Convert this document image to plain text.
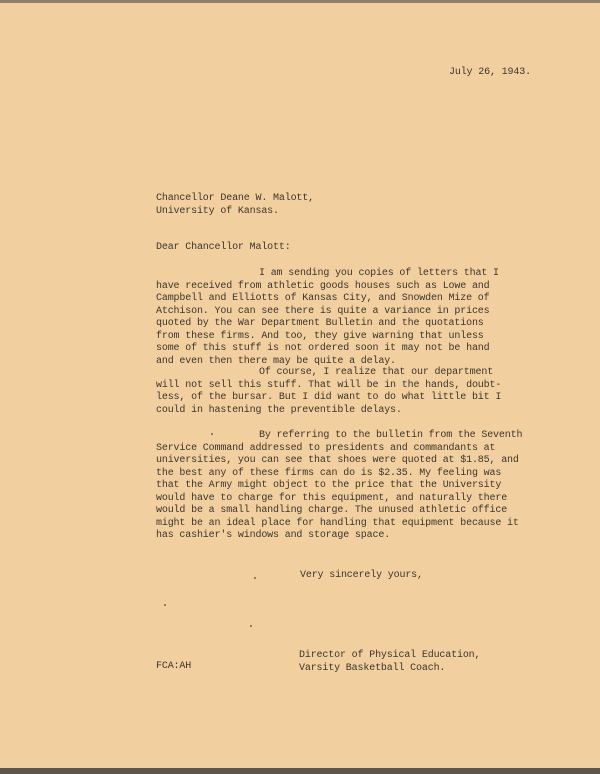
July 26, 1943.
Chancellor Deane W. Malott,
University of Kansas.
Dear Chancellor Malott:
I am sending you copies of letters that I
have received from athletic goods houses such as Lowe and
Campbell and Elliotts of Kansas City, and Snowden Mize of
Atchison. You can see there is quite a variance in prices
quoted by the War Department Bulletin and the quotations
from these firms. And too, they give warning that unless
some of this stuff is not ordered soon it may not be hand
and even then there may be quite a delay.
Of course, I realize that our department
will not sell this stuff. That will be in the hands, doubt-
less, of the bursar. But I did want to do what little bit I
could in hastening the preventible delays.
By referring to the bulletin from the Seventh
Service Command addressed to presidents and commandants at
universities, you can see that shoes were quoted at $1.85, and
the best any of these firms can do is $2.35. My feeling was
that the Army might object to the price that the University
would have to charge for this equipment, and naturally there
would be a small handling charge. The unused athletic office
might be an ideal place for handling that equipment because it
has cashier's windows and storage space.
Very sincerely yours,
Director of Physical Education,
Varsity Basketball Coach.
FCA:AH
